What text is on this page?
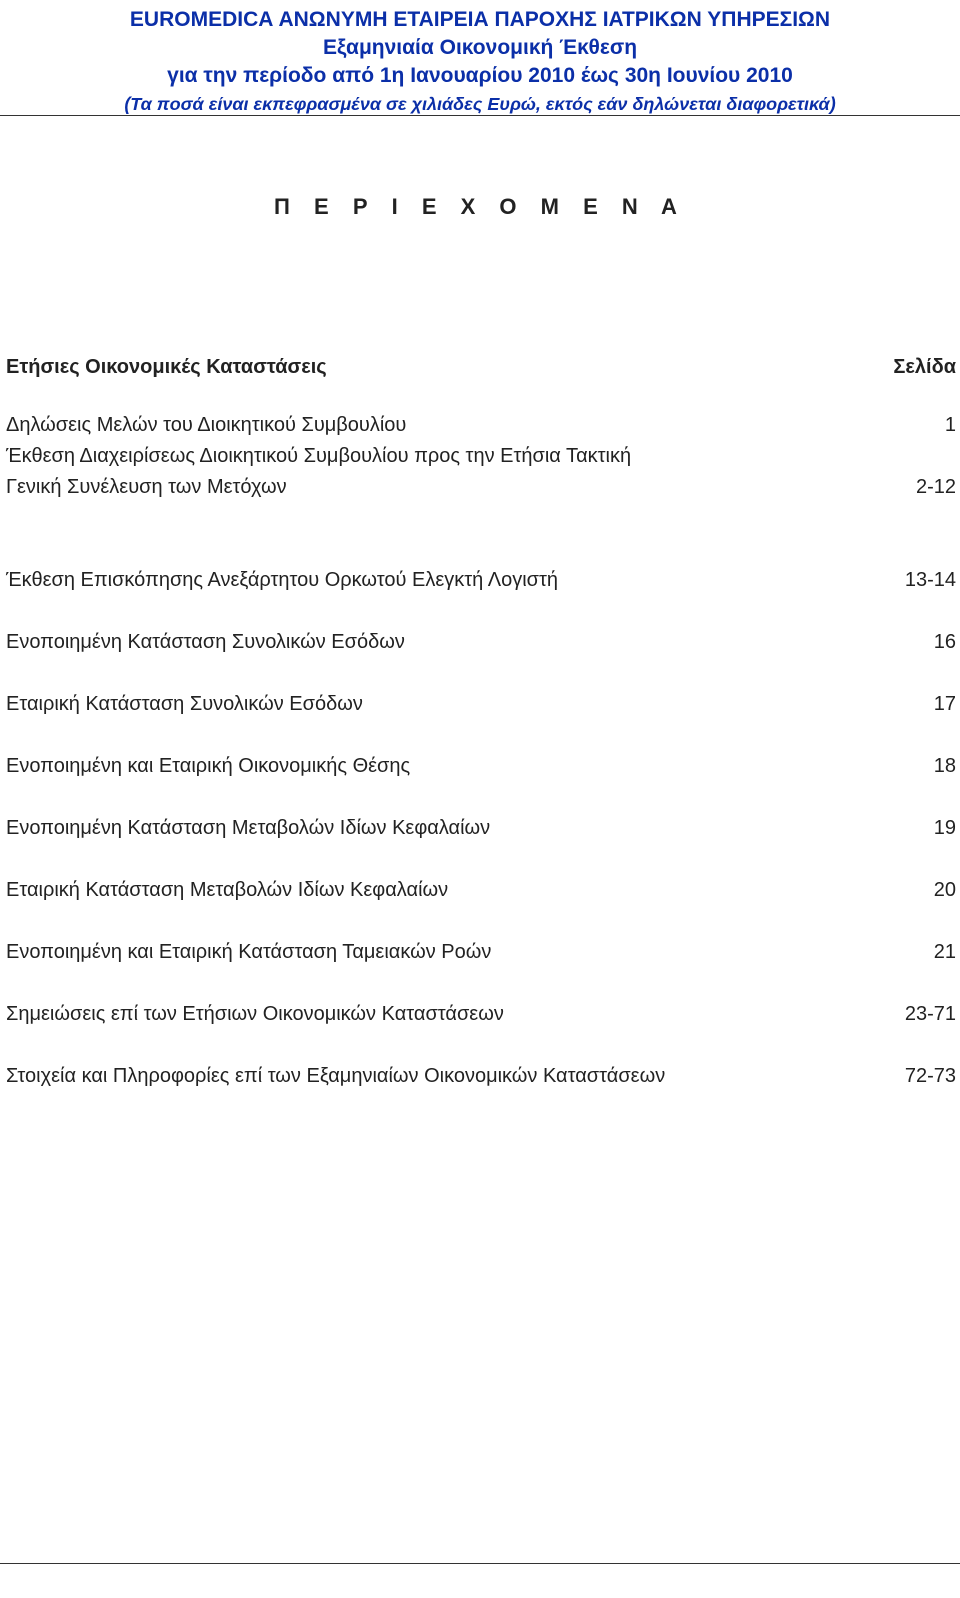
EUROMEDICA ΑΝΩΝΥΜΗ ΕΤΑΙΡΕΙΑ ΠΑΡΟΧΗΣ ΙΑΤΡΙΚΩΝ ΥΠΗΡΕΣΙΩΝ
Εξαμηνιαία Οικονομική Έκθεση
για την περίοδο από 1η Ιανουαρίου 2010 έως 30η Ιουνίου 2010
(Τα ποσά είναι εκπεφρασμένα σε χιλιάδες Ευρώ, εκτός εάν δηλώνεται διαφορετικά)
Π Ε Ρ Ι Ε Χ Ο Μ Ε Ν Α
Ετήσιες Οικονομικές Καταστάσεις	Σελίδα
Δηλώσεις Μελών του Διοικητικού Συμβουλίου	1
Έκθεση Διαχειρίσεως Διοικητικού Συμβουλίου προς την Ετήσια Τακτική
Γενική Συνέλευση των Μετόχων	2-12
Έκθεση Επισκόπησης Ανεξάρτητου Ορκωτού Ελεγκτή Λογιστή	13-14
Ενοποιημένη Κατάσταση Συνολικών Εσόδων	16
Εταιρική Κατάσταση Συνολικών Εσόδων	17
Ενοποιημένη και Εταιρική Οικονομικής Θέσης	18
Ενοποιημένη Κατάσταση Μεταβολών Ιδίων Κεφαλαίων	19
Εταιρική Κατάσταση Μεταβολών Ιδίων Κεφαλαίων	20
Ενοποιημένη και Εταιρική Κατάσταση Ταμειακών Ροών	21
Σημειώσεις επί των Ετήσιων Οικονομικών Καταστάσεων	23-71
Στοιχεία και Πληροφορίες επί των Εξαμηνιαίων Οικονομικών Καταστάσεων	72-73
